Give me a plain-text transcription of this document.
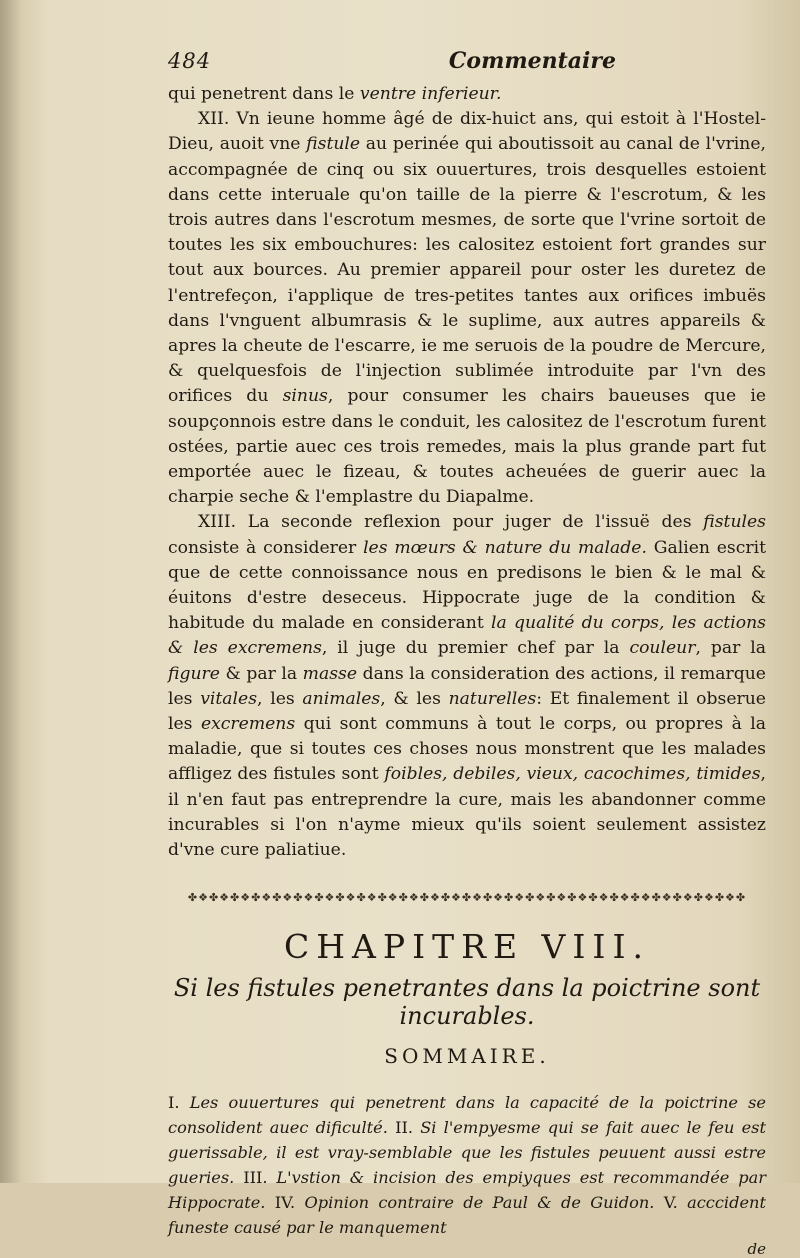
484	Commentaire

qui penetrent dans le ventre inferieur.

XII. Vn ieune homme âgé de dix-huict ans, qui estoit à l'Hostel-Dieu, auoit vne fistule au perinée qui aboutissoit au canal de l'vrine, accompagnée de cinq ou six ouuertures, trois desquelles estoient dans cette interuale qu'on taille de la pierre & l'escrotum, & les trois autres dans l'escrotum mesmes, de sorte que l'vrine sortoit de toutes les six embouchures: les calositez estoient fort grandes sur tout aux bources. Au premier appareil pour oster les duretez de l'entrefeçon, i'applique de tres-petites tantes aux orifices imbuës dans l'vnguent albumrasis & le suplime, aux autres appareils & apres la cheute de l'escarre, ie me seruois de la poudre de Mercure, & quelquesfois de l'injection sublimée introduite par l'vn des orifices du sinus, pour consumer les chairs baueuses que ie soupçonnois estre dans le conduit, les calositez de l'escrotum furent ostées, partie auec ces trois remedes, mais la plus grande part fut emportée auec le fizeau, & toutes acheuées de guerir auec la charpie seche & l'emplastre du Diapalme.

XIII. La seconde reflexion pour juger de l'issuë des fistules consiste à considerer les mœurs & nature du malade. Galien escrit que de cette connoissance nous en predisons le bien & le mal & éuitons d'estre deseceus. Hippocrate juge de la condition & habitude du malade en considerant la qualité du corps, les actions & les excremens, il juge du premier chef par la couleur, par la figure & par la masse dans la consideration des actions, il remarque les vitales, les animales, & les naturelles: Et finalement il obserue les excremens qui sont communs à tout le corps, ou propres à la maladie, que si toutes ces choses nous monstrent que les malades affligez des fistules sont foibles, debiles, vieux, cacochimes, timides, il n'en faut pas entreprendre la cure, mais les abandonner comme incurables si l'on n'ayme mieux qu'ils soient seulement assistez d'vne cure paliatiue.

✤❖✤❖✤❖✤❖✤❖✤❖✤❖✤❖✤❖✤❖✤❖✤❖✤❖✤❖✤❖✤❖✤❖✤❖✤❖✤❖✤❖✤❖✤❖✤❖✤❖✤❖✤
CHAPITRE VIII.
Si les fistules penetrantes dans la poictrine sont incurables.
SOMMAIRE.
I. Les ouuertures qui penetrent dans la capacité de la poictrine se consolident auec dificulté. II. Si l'empyesme qui se fait auec le feu est guerissable, il est vray-semblable que les fistules peuuent aussi estre gueries. III. L'vstion & incision des empiyques est recommandée par Hippocrate. IV. Opinion contraire de Paul & de Guidon. V. acccident funeste causé par le manquement
de
